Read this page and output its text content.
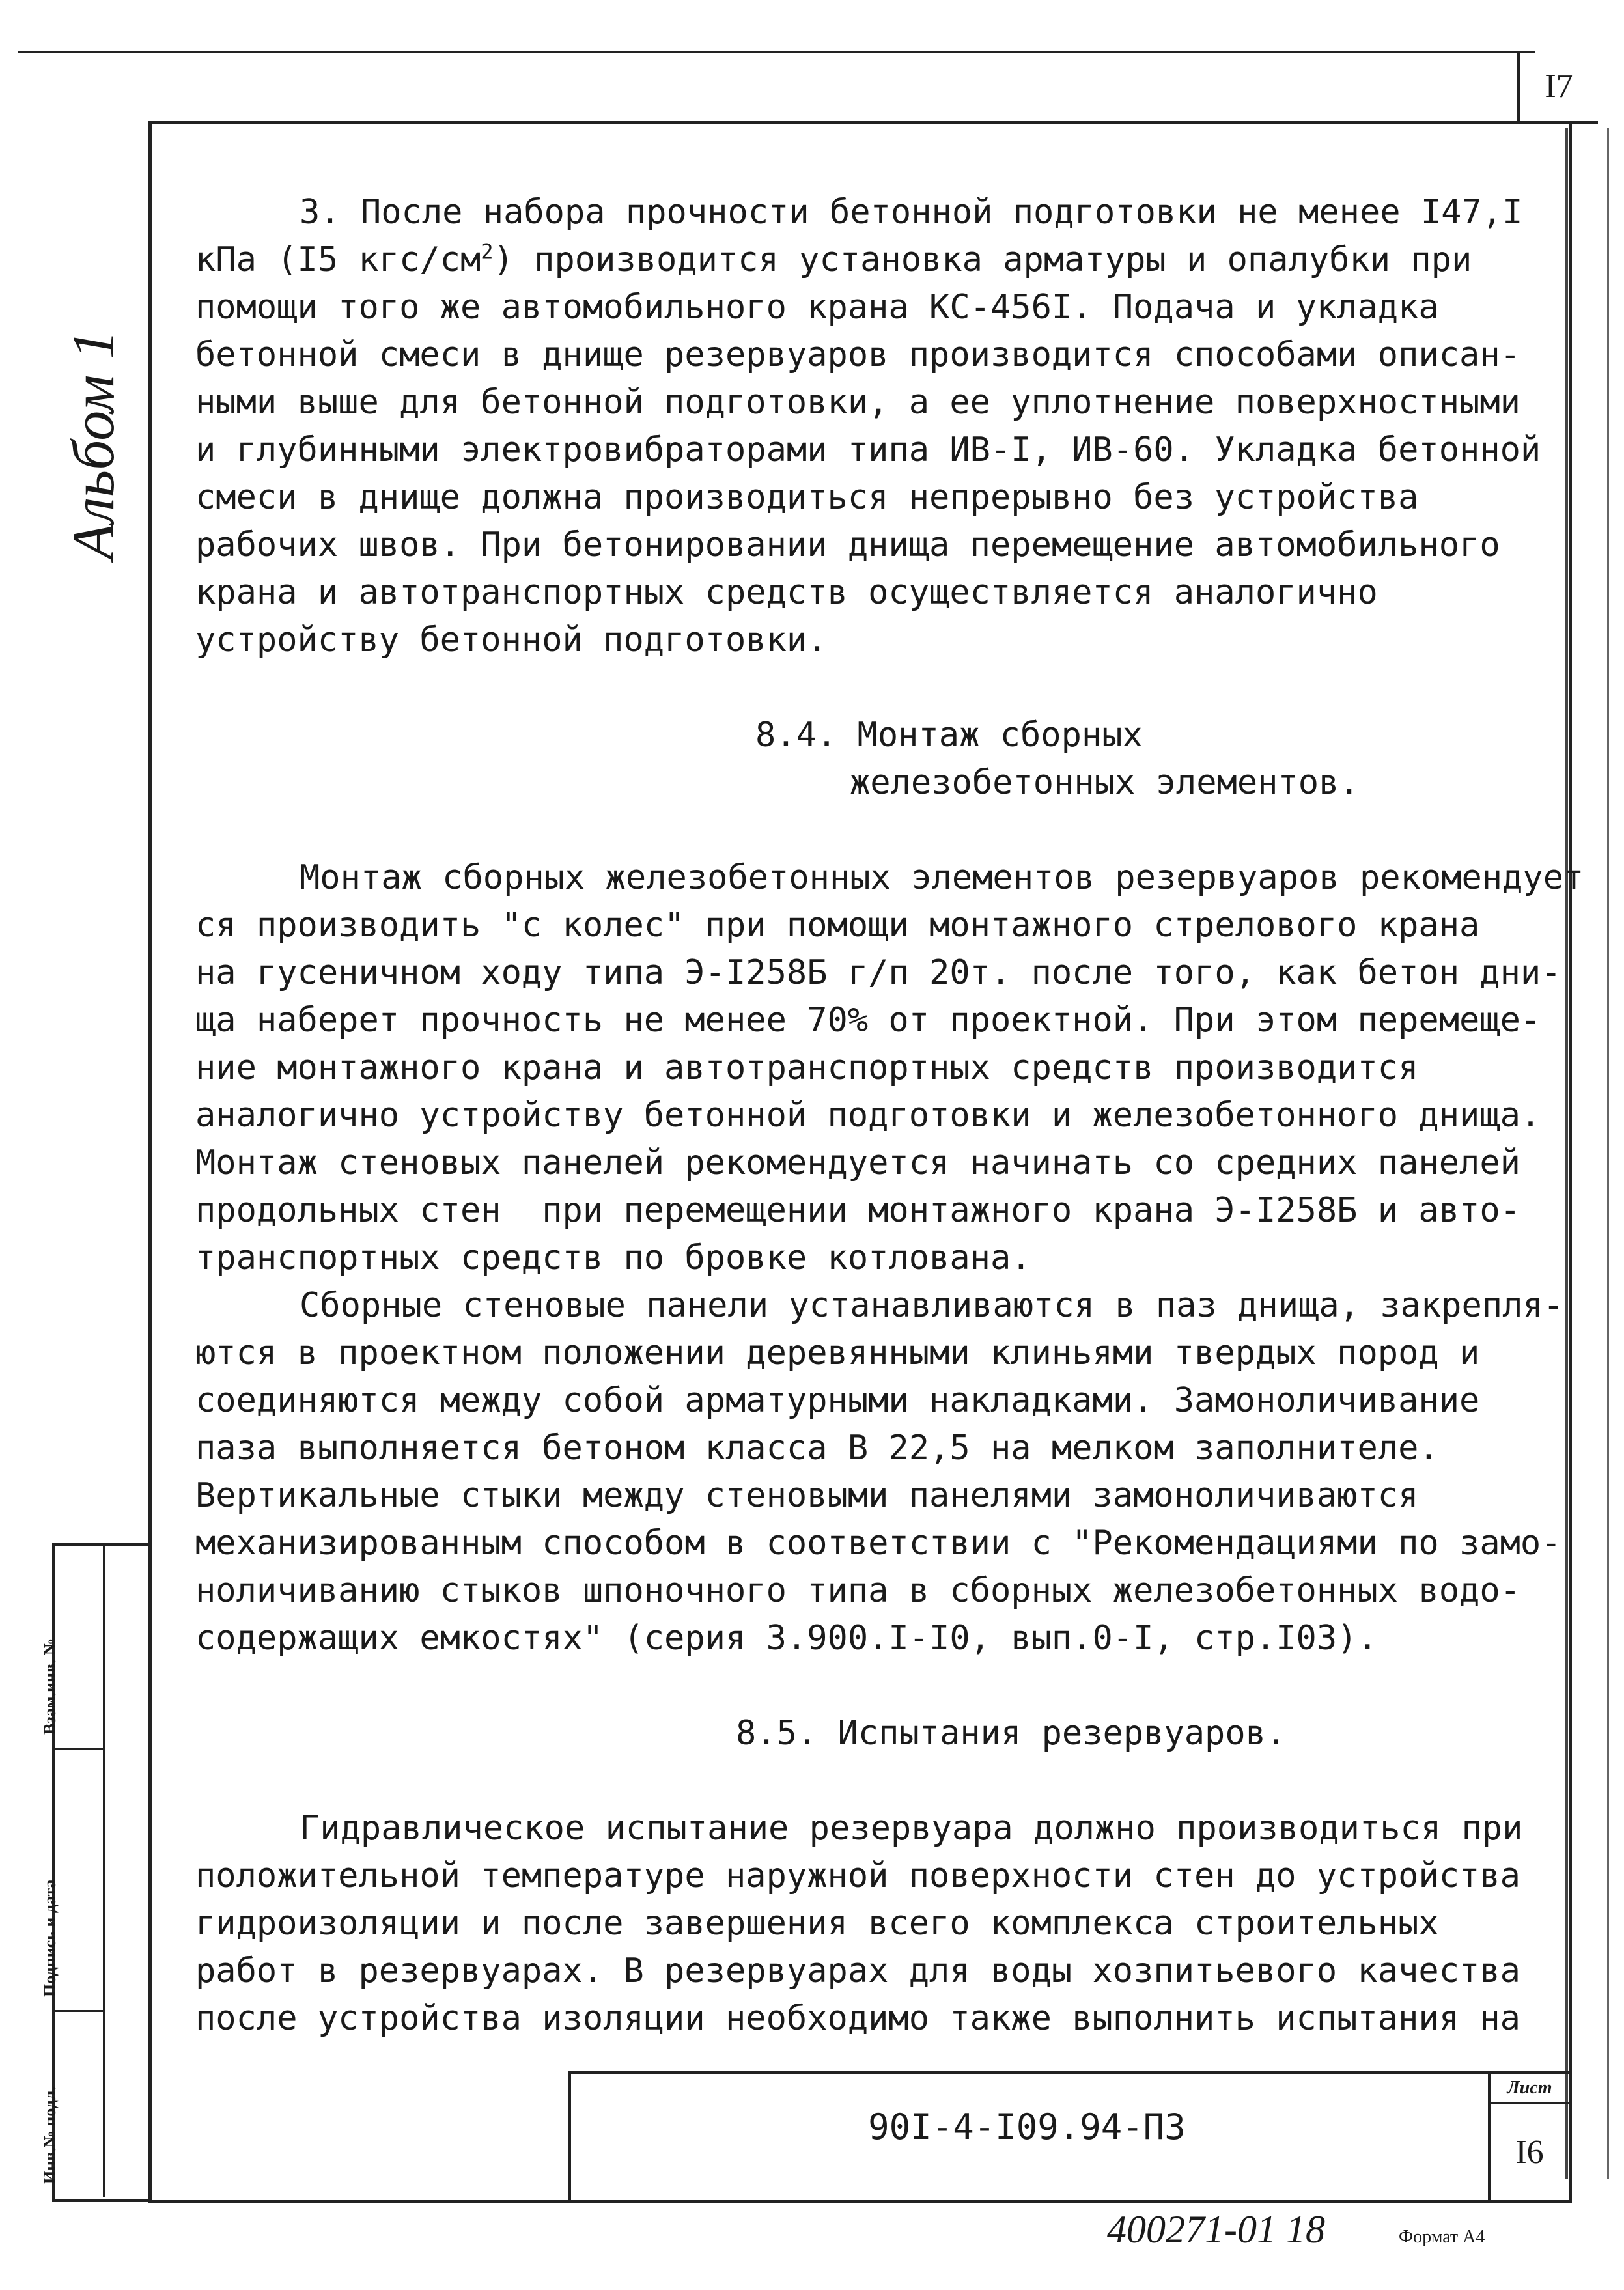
I7
Альбом 1
Взам.инв. №
Подпись и дата
Инв.№ подл.
3. После набора прочности бетонной подготовки не менее I47,I
кПа (I5 кгс/$см^2$) производится установка арматуры и опалубки при
помощи того же автомобильного крана КС-456I. Подача и укладка
бетонной смеси в днище резервуаров производится способами описан-
ными выше для бетонной подготовки, а ее уплотнение поверхностными
и глубинными электровибраторами типа ИВ-I, ИВ-60. Укладка бетонной
смеси в днище должна производиться непрерывно без устройства
рабочих швов. При бетонировании днища перемещение автомобильного
крана и автотранспортных средств осуществляется аналогично
устройству бетонной подготовки.
8.4. Монтаж сборных
железобетонных элементов.
Монтаж сборных железобетонных элементов резервуаров рекомендует
ся производить "с колес" при помощи монтажного стрелового крана
на гусеничном ходу типа Э-I258Б г/п 20т. после того, как бетон дни-
ща наберет прочность не менее 70% от проектной. При этом перемеще-
ние монтажного крана и автотранспортных средств производится
аналогично устройству бетонной подготовки и железобетонного днища.
Монтаж стеновых панелей рекомендуется начинать со средних панелей
продольных стен  при перемещении монтажного крана Э-I258Б и авто-
транспортных средств по бровке котлована.
Сборные стеновые панели устанавливаются в паз днища, закрепля-
ются в проектном положении деревянными клиньями твердых пород и
соединяются между собой арматурными накладками. Замоноличивание
паза выполняется бетоном класса В 22,5 на мелком заполнителе.
Вертикальные стыки между стеновыми панелями замоноличиваются
механизированным способом в соответствии с "Рекомендациями по замо-
ноличиванию стыков шпоночного типа в сборных железобетонных водо-
содержащих емкостях" (серия 3.900.I-I0, вып.0-I, стр.I03).
8.5. Испытания резервуаров.
Гидравлическое испытание резервуара должно производиться при
положительной температуре наружной поверхности стен до устройства
гидроизоляции и после завершения всего комплекса строительных
работ в резервуарах. В резервуарах для воды хозпитьевого качества
после устройства изоляции необходимо также выполнить испытания на
90I-4-I09.94-ПЗ
Лист
I6
400271-01 18	Формат А4
